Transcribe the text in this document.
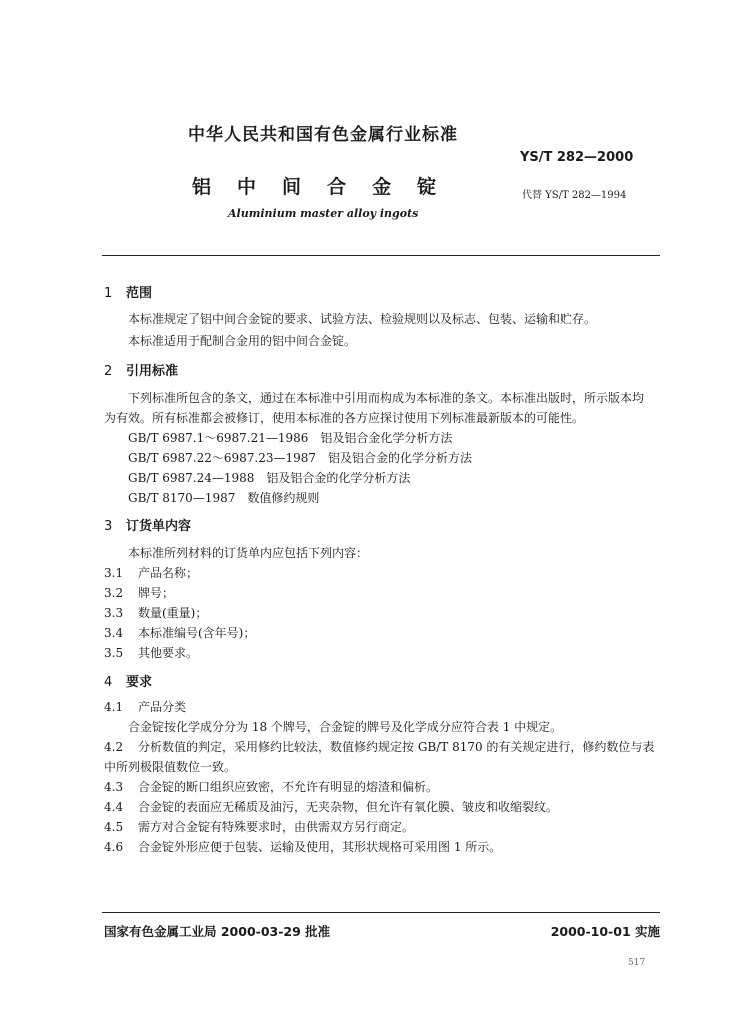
中华人民共和国有色金属行业标准
YS/T 282—2000
铝 中 间 合 金 锭	代替 YS/T 282—1994
Aluminium master alloy ingots
1 范围
本标准规定了铝中间合金锭的要求、试验方法、检验规则以及标志、包装、运输和贮存。
本标准适用于配制合金用的铝中间合金锭。
2 引用标准
下列标准所包含的条文，通过在本标准中引用而构成为本标准的条文。本标准出版时，所示版本均
为有效。所有标准都会被修订，使用本标准的各方应探讨使用下列标准最新版本的可能性。
GB/T 6987.1～6987.21—1986　铝及铝合金化学分析方法
GB/T 6987.22～6987.23—1987　铝及铝合金的化学分析方法
GB/T 6987.24—1988　铝及铝合金的化学分析方法
GB/T 8170—1987　数值修约规则
3 订货单内容
本标准所列材料的订货单内应包括下列内容：
3.1 产品名称；
3.2 牌号；
3.3 数量(重量)；
3.4 本标准编号(含年号)；
3.5 其他要求。
4 要求
4.1 产品分类
合金锭按化学成分分为 18 个牌号，合金锭的牌号及化学成分应符合表 1 中规定。
4.2 分析数值的判定，采用修约比较法，数值修约规定按 GB/T 8170 的有关规定进行，修约数位与表
中所列极限值数位一致。
4.3 合金锭的断口组织应致密，不允许有明显的熔渣和偏析。
4.4 合金锭的表面应无稀质及油污，无夹杂物，但允许有氧化膜、皱皮和收缩裂纹。
4.5 需方对合金锭有特殊要求时，由供需双方另行商定。
4.6 合金锭外形应便于包装、运输及使用，其形状规格可采用图 1 所示。
国家有色金属工业局 2000-03-29 批准	2000-10-01 实施
517
